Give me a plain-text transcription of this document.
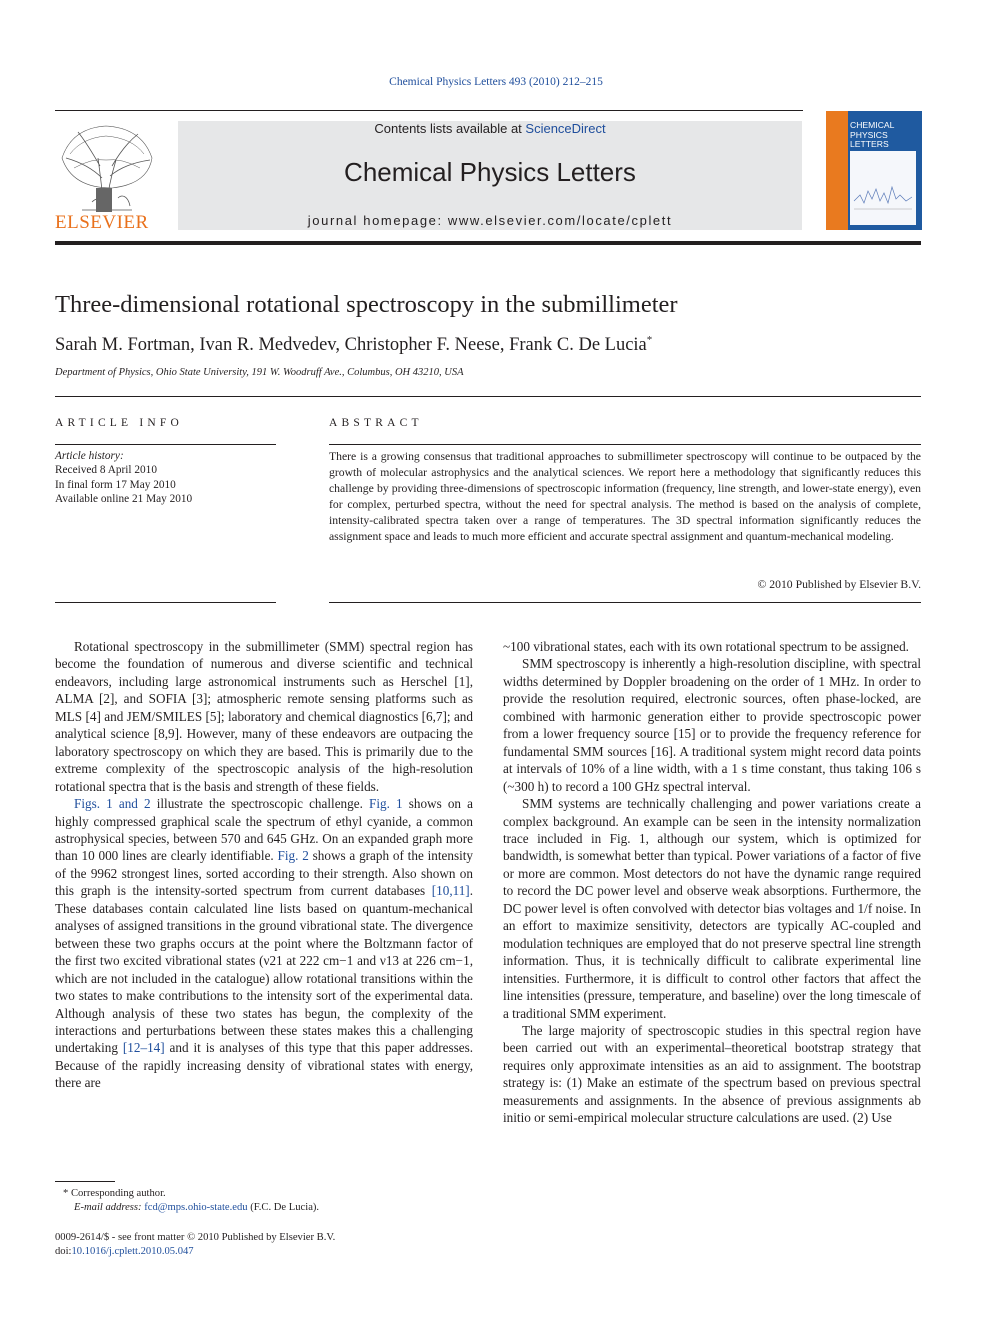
Chemical Physics Letters 493 (2010) 212–215
ELSEVIER
Contents lists available at ScienceDirect
Chemical Physics Letters
journal homepage: www.elsevier.com/locate/cplett
CHEMICAL
PHYSICS
LETTERS
Three-dimensional rotational spectroscopy in the submillimeter
Sarah M. Fortman, Ivan R. Medvedev, Christopher F. Neese, Frank C. De Lucia*
Department of Physics, Ohio State University, 191 W. Woodruff Ave., Columbus, OH 43210, USA
ARTICLE INFO
Article history:
Received 8 April 2010
In final form 17 May 2010
Available online 21 May 2010
ABSTRACT
There is a growing consensus that traditional approaches to submillimeter spectroscopy will continue to be outpaced by the growth of molecular astrophysics and the analytical sciences. We report here a methodology that significantly reduces this challenge by providing three-dimensions of spectroscopic information (frequency, line strength, and lower-state energy), even for complex, perturbed spectra, without the need for spectral analysis. The method is based on the analysis of complete, intensity-calibrated spectra taken over a range of temperatures. The 3D spectral information significantly reduces the assignment space and leads to much more efficient and accurate spectral assignment and quantum-mechanical modeling.
© 2010 Published by Elsevier B.V.

Rotational spectroscopy in the submillimeter (SMM) spectral region has become the foundation of numerous and diverse scientific and technical endeavors, including large astronomical instruments such as Herschel [1], ALMA [2], and SOFIA [3]; atmospheric remote sensing platforms such as MLS [4] and JEM/SMILES [5]; laboratory and chemical diagnostics [6,7]; and analytical science [8,9]. However, many of these endeavors are outpacing the laboratory spectroscopy on which they are based. This is primarily due to the extreme complexity of the spectroscopic analysis of the high-resolution rotational spectra that is the basis and strength of these fields.

Figs. 1 and 2 illustrate the spectroscopic challenge. Fig. 1 shows on a highly compressed graphical scale the spectrum of ethyl cyanide, a common astrophysical species, between 570 and 645 GHz. On an expanded graph more than 10 000 lines are clearly identifiable. Fig. 2 shows a graph of the intensity of the 9962 strongest lines, sorted according to their strength. Also shown on this graph is the intensity-sorted spectrum from current databases [10,11]. These databases contain calculated line lists based on quantum-mechanical analyses of assigned transitions in the ground vibrational state. The divergence between these two graphs occurs at the point where the Boltzmann factor of the first two excited vibrational states (ν21 at 222 cm−1 and ν13 at 226 cm−1, which are not included in the catalogue) allow rotational transitions within the two states to make contributions to the intensity sort of the experimental data. Although analysis of these two states has begun, the complexity of the interactions and perturbations between these states makes this a challenging undertaking [12–14] and it is analyses of this type that this paper addresses. Because of the rapidly increasing density of vibrational states with energy, there are

~100 vibrational states, each with its own rotational spectrum to be assigned.

SMM spectroscopy is inherently a high-resolution discipline, with spectral widths determined by Doppler broadening on the order of 1 MHz. In order to provide the resolution required, electronic sources, often phase-locked, are combined with harmonic generation either to provide spectroscopic power from a lower frequency source [15] or to provide the frequency reference for fundamental SMM sources [16]. A traditional system might record data points at intervals of 10% of a line width, with a 1 s time constant, thus taking 106 s (~300 h) to record a 100 GHz spectral interval.

SMM systems are technically challenging and power variations create a complex background. An example can be seen in the intensity normalization trace included in Fig. 1, although our system, which is optimized for bandwidth, is somewhat better than typical. Power variations of a factor of five or more are common. Most detectors do not have the dynamic range required to record the DC power level and observe weak absorptions. Furthermore, the DC power level is often convolved with detector bias voltages and 1/f noise. In an effort to maximize sensitivity, detectors are typically AC-coupled and modulation techniques are employed that do not preserve spectral line strength information. Thus, it is technically difficult to calibrate experimental line intensities. Furthermore, it is difficult to control other factors that affect the line intensities (pressure, temperature, and baseline) over the long timescale of a traditional SMM experiment.

The large majority of spectroscopic studies in this spectral region have been carried out with an experimental–theoretical bootstrap strategy that requires only approximate intensities as an aid to assignment. The bootstrap strategy is: (1) Make an estimate of the spectrum based on previous spectral measurements and assignments. In the absence of previous assignments ab initio or semi-empirical molecular structure calculations are used. (2) Use

* Corresponding author.
E-mail address: fcd@mps.ohio-state.edu (F.C. De Lucia).
0009-2614/$ - see front matter © 2010 Published by Elsevier B.V.
doi:10.1016/j.cplett.2010.05.047
